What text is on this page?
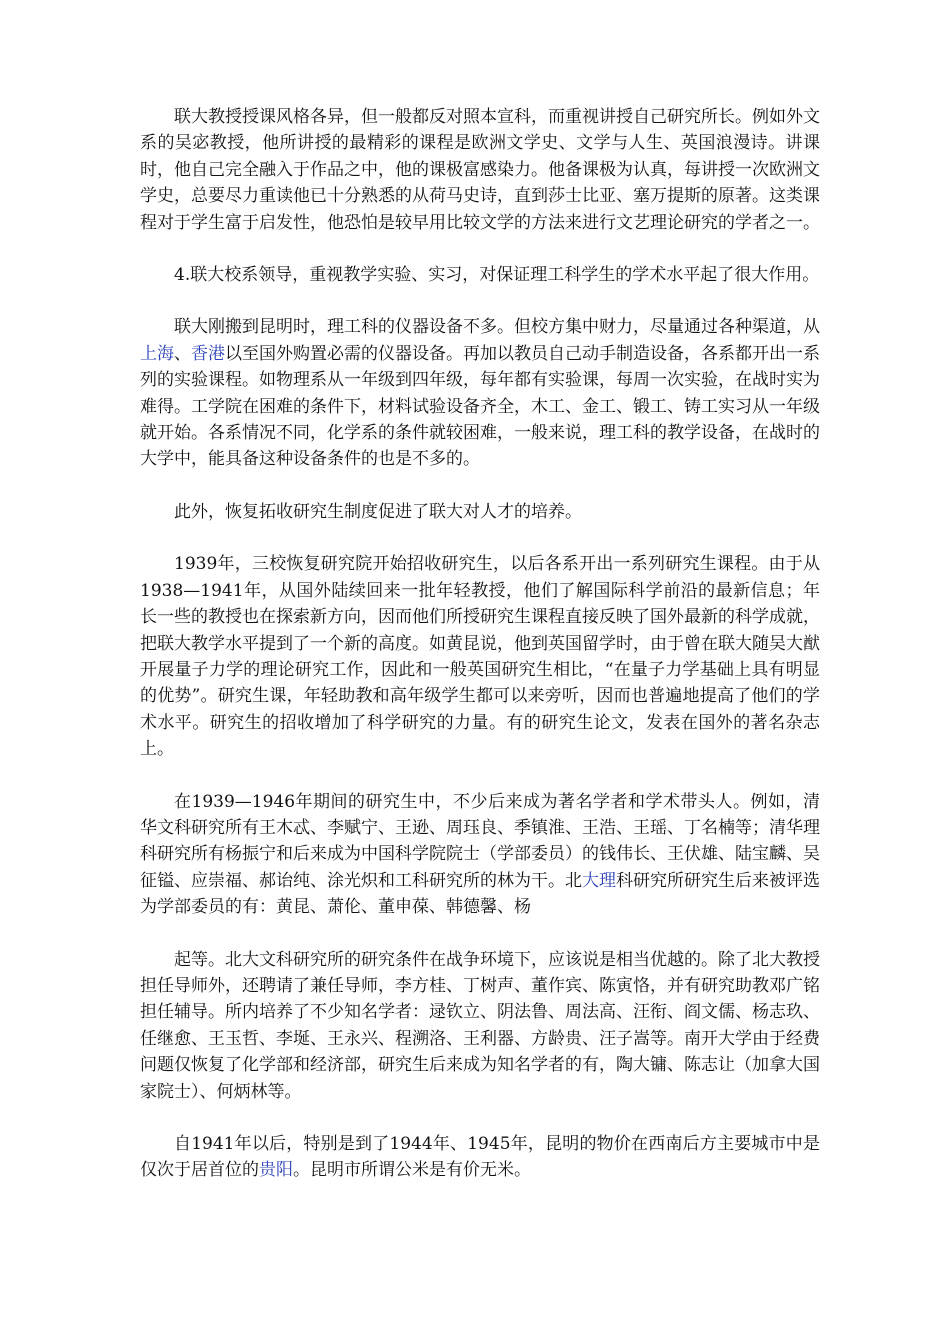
联大教授授课风格各异，但一般都反对照本宣科，而重视讲授自己研究所长。例如外文系的吴宓教授，他所讲授的最精彩的课程是欧洲文学史、文学与人生、英国浪漫诗。讲课时，他自己完全融入于作品之中，他的课极富感染力。他备课极为认真，每讲授一次欧洲文学史，总要尽力重读他已十分熟悉的从荷马史诗，直到莎士比亚、塞万提斯的原著。这类课程对于学生富于启发性，他恐怕是较早用比较文学的方法来进行文艺理论研究的学者之一。

4.联大校系领导，重视教学实验、实习，对保证理工科学生的学术水平起了很大作用。

联大刚搬到昆明时，理工科的仪器设备不多。但校方集中财力，尽量通过各种渠道，从上海、香港以至国外购置必需的仪器设备。再加以教员自己动手制造设备，各系都开出一系列的实验课程。如物理系从一年级到四年级，每年都有实验课，每周一次实验，在战时实为难得。工学院在困难的条件下，材料试验设备齐全，木工、金工、锻工、铸工实习从一年级就开始。各系情况不同，化学系的条件就较困难，一般来说，理工科的教学设备，在战时的大学中，能具备这种设备条件的也是不多的。

此外，恢复拓收研究生制度促进了联大对人才的培养。

1939年，三校恢复研究院开始招收研究生，以后各系开出一系列研究生课程。由于从1938—1941年，从国外陆续回来一批年轻教授，他们了解国际科学前沿的最新信息；年长一些的教授也在探索新方向，因而他们所授研究生课程直接反映了国外最新的科学成就，把联大教学水平提到了一个新的高度。如黄昆说，他到英国留学时，由于曾在联大随吴大猷开展量子力学的理论研究工作，因此和一般英国研究生相比，“在量子力学基础上具有明显的优势”。研究生课，年轻助教和高年级学生都可以来旁听，因而也普遍地提高了他们的学术水平。研究生的招收增加了科学研究的力量。有的研究生论文，发表在国外的著名杂志上。

在1939—1946年期间的研究生中，不少后来成为著名学者和学术带头人。例如，清华文科研究所有王木忒、李赋宁、王逊、周珏良、季镇淮、王浩、王瑶、丁名楠等；清华理科研究所有杨振宁和后来成为中国科学院院士（学部委员）的钱伟长、王伏雄、陆宝麟、吴征镒、应崇福、郝诒纯、涂光炽和工科研究所的林为干。北大理科研究所研究生后来被评选为学部委员的有：黄昆、萧伦、董申葆、韩德馨、杨

起等。北大文科研究所的研究条件在战争环境下，应该说是相当优越的。除了北大教授担任导师外，还聘请了兼任导师，李方桂、丁树声、董作宾、陈寅恪，并有研究助教邓广铭担任辅导。所内培养了不少知名学者：逯钦立、阴法鲁、周法高、汪衔、阎文儒、杨志玖、任继愈、王玉哲、李埏、王永兴、程溯洛、王利器、方龄贵、汪子嵩等。南开大学由于经费问题仅恢复了化学部和经济部，研究生后来成为知名学者的有，陶大镛、陈志让（加拿大国家院士）、何炳林等。

自1941年以后，特别是到了1944年、1945年，昆明的物价在西南后方主要城市中是仅次于居首位的贵阳。昆明市所谓公米是有价无米。
